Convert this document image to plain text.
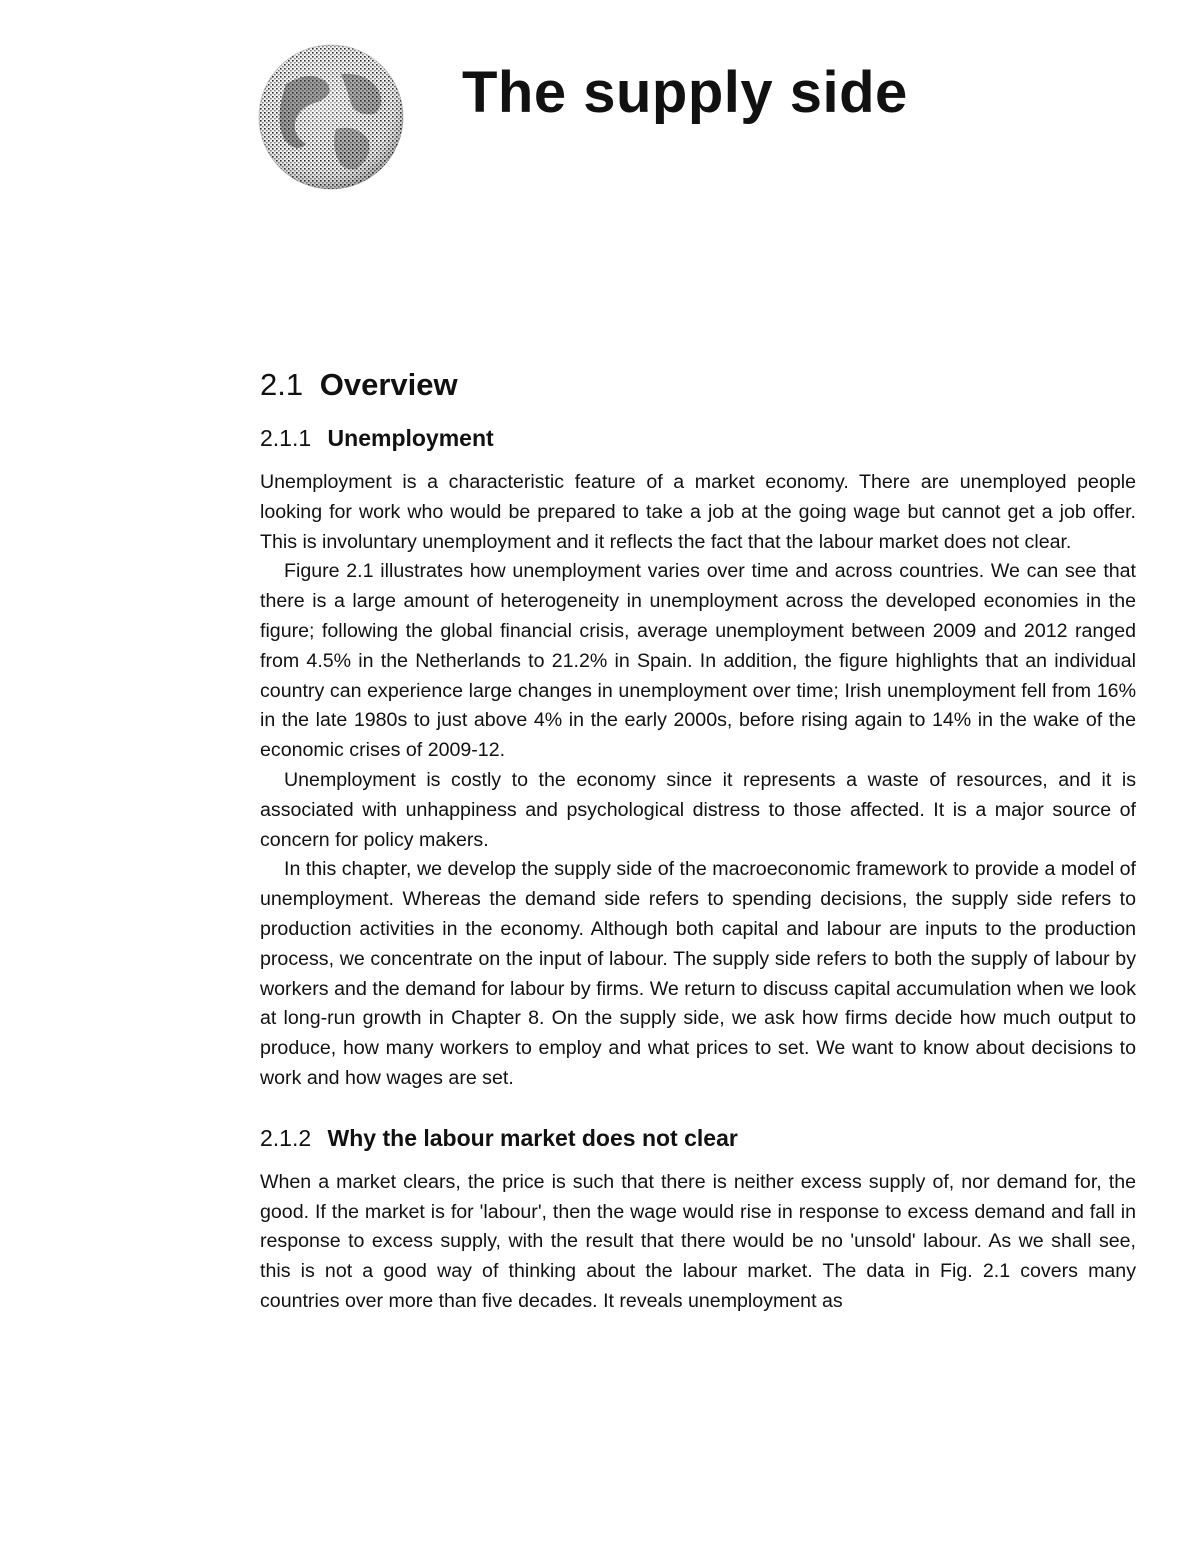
The supply side
2.1 Overview
2.1.1 Unemployment

Unemployment is a characteristic feature of a market economy. There are unemployed people looking for work who would be prepared to take a job at the going wage but cannot get a job offer. This is involuntary unemployment and it reflects the fact that the labour market does not clear.

Figure 2.1 illustrates how unemployment varies over time and across countries. We can see that there is a large amount of heterogeneity in unemployment across the developed economies in the figure; following the global financial crisis, average unemployment between 2009 and 2012 ranged from 4.5% in the Netherlands to 21.2% in Spain. In addition, the figure highlights that an individual country can experience large changes in unemployment over time; Irish unemployment fell from 16% in the late 1980s to just above 4% in the early 2000s, before rising again to 14% in the wake of the economic crises of 2009-12.

Unemployment is costly to the economy since it represents a waste of resources, and it is associated with unhappiness and psychological distress to those affected. It is a major source of concern for policy makers.

In this chapter, we develop the supply side of the macroeconomic framework to provide a model of unemployment. Whereas the demand side refers to spending decisions, the supply side refers to production activities in the economy. Although both capital and labour are inputs to the production process, we concentrate on the input of labour. The supply side refers to both the supply of labour by workers and the demand for labour by firms. We return to discuss capital accumulation when we look at long-run growth in Chapter 8. On the supply side, we ask how firms decide how much output to produce, how many workers to employ and what prices to set. We want to know about decisions to work and how wages are set.

2.1.2 Why the labour market does not clear

When a market clears, the price is such that there is neither excess supply of, nor demand for, the good. If the market is for 'labour', then the wage would rise in response to excess demand and fall in response to excess supply, with the result that there would be no 'unsold' labour. As we shall see, this is not a good way of thinking about the labour market. The data in Fig. 2.1 covers many countries over more than five decades. It reveals unemployment as
